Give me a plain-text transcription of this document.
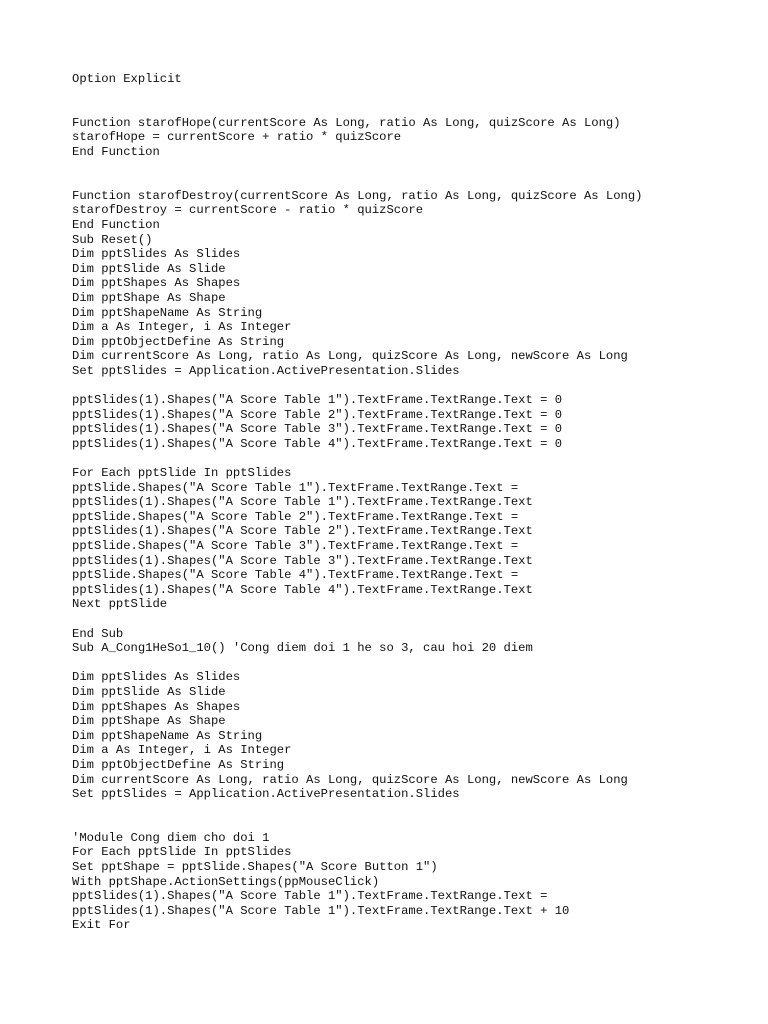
Option Explicit
Function starofHope(currentScore As Long, ratio As Long, quizScore As Long)
starofHope = currentScore + ratio * quizScore
End Function
Function starofDestroy(currentScore As Long, ratio As Long, quizScore As Long)
starofDestroy = currentScore - ratio * quizScore
End Function
Sub Reset()
Dim pptSlides As Slides
Dim pptSlide As Slide
Dim pptShapes As Shapes
Dim pptShape As Shape
Dim pptShapeName As String
Dim a As Integer, i As Integer
Dim pptObjectDefine As String
Dim currentScore As Long, ratio As Long, quizScore As Long, newScore As Long
Set pptSlides = Application.ActivePresentation.Slides
pptSlides(1).Shapes("A Score Table 1").TextFrame.TextRange.Text = 0
pptSlides(1).Shapes("A Score Table 2").TextFrame.TextRange.Text = 0
pptSlides(1).Shapes("A Score Table 3").TextFrame.TextRange.Text = 0
pptSlides(1).Shapes("A Score Table 4").TextFrame.TextRange.Text = 0
For Each pptSlide In pptSlides
pptSlide.Shapes("A Score Table 1").TextFrame.TextRange.Text =
pptSlides(1).Shapes("A Score Table 1").TextFrame.TextRange.Text
pptSlide.Shapes("A Score Table 2").TextFrame.TextRange.Text =
pptSlides(1).Shapes("A Score Table 2").TextFrame.TextRange.Text
pptSlide.Shapes("A Score Table 3").TextFrame.TextRange.Text =
pptSlides(1).Shapes("A Score Table 3").TextFrame.TextRange.Text
pptSlide.Shapes("A Score Table 4").TextFrame.TextRange.Text =
pptSlides(1).Shapes("A Score Table 4").TextFrame.TextRange.Text
Next pptSlide
End Sub
Sub A_Cong1HeSo1_10() 'Cong diem doi 1 he so 3, cau hoi 20 diem
Dim pptSlides As Slides
Dim pptSlide As Slide
Dim pptShapes As Shapes
Dim pptShape As Shape
Dim pptShapeName As String
Dim a As Integer, i As Integer
Dim pptObjectDefine As String
Dim currentScore As Long, ratio As Long, quizScore As Long, newScore As Long
Set pptSlides = Application.ActivePresentation.Slides
'Module Cong diem cho doi 1
For Each pptSlide In pptSlides
Set pptShape = pptSlide.Shapes("A Score Button 1")
With pptShape.ActionSettings(ppMouseClick)
pptSlides(1).Shapes("A Score Table 1").TextFrame.TextRange.Text =
pptSlides(1).Shapes("A Score Table 1").TextFrame.TextRange.Text + 10
Exit For
